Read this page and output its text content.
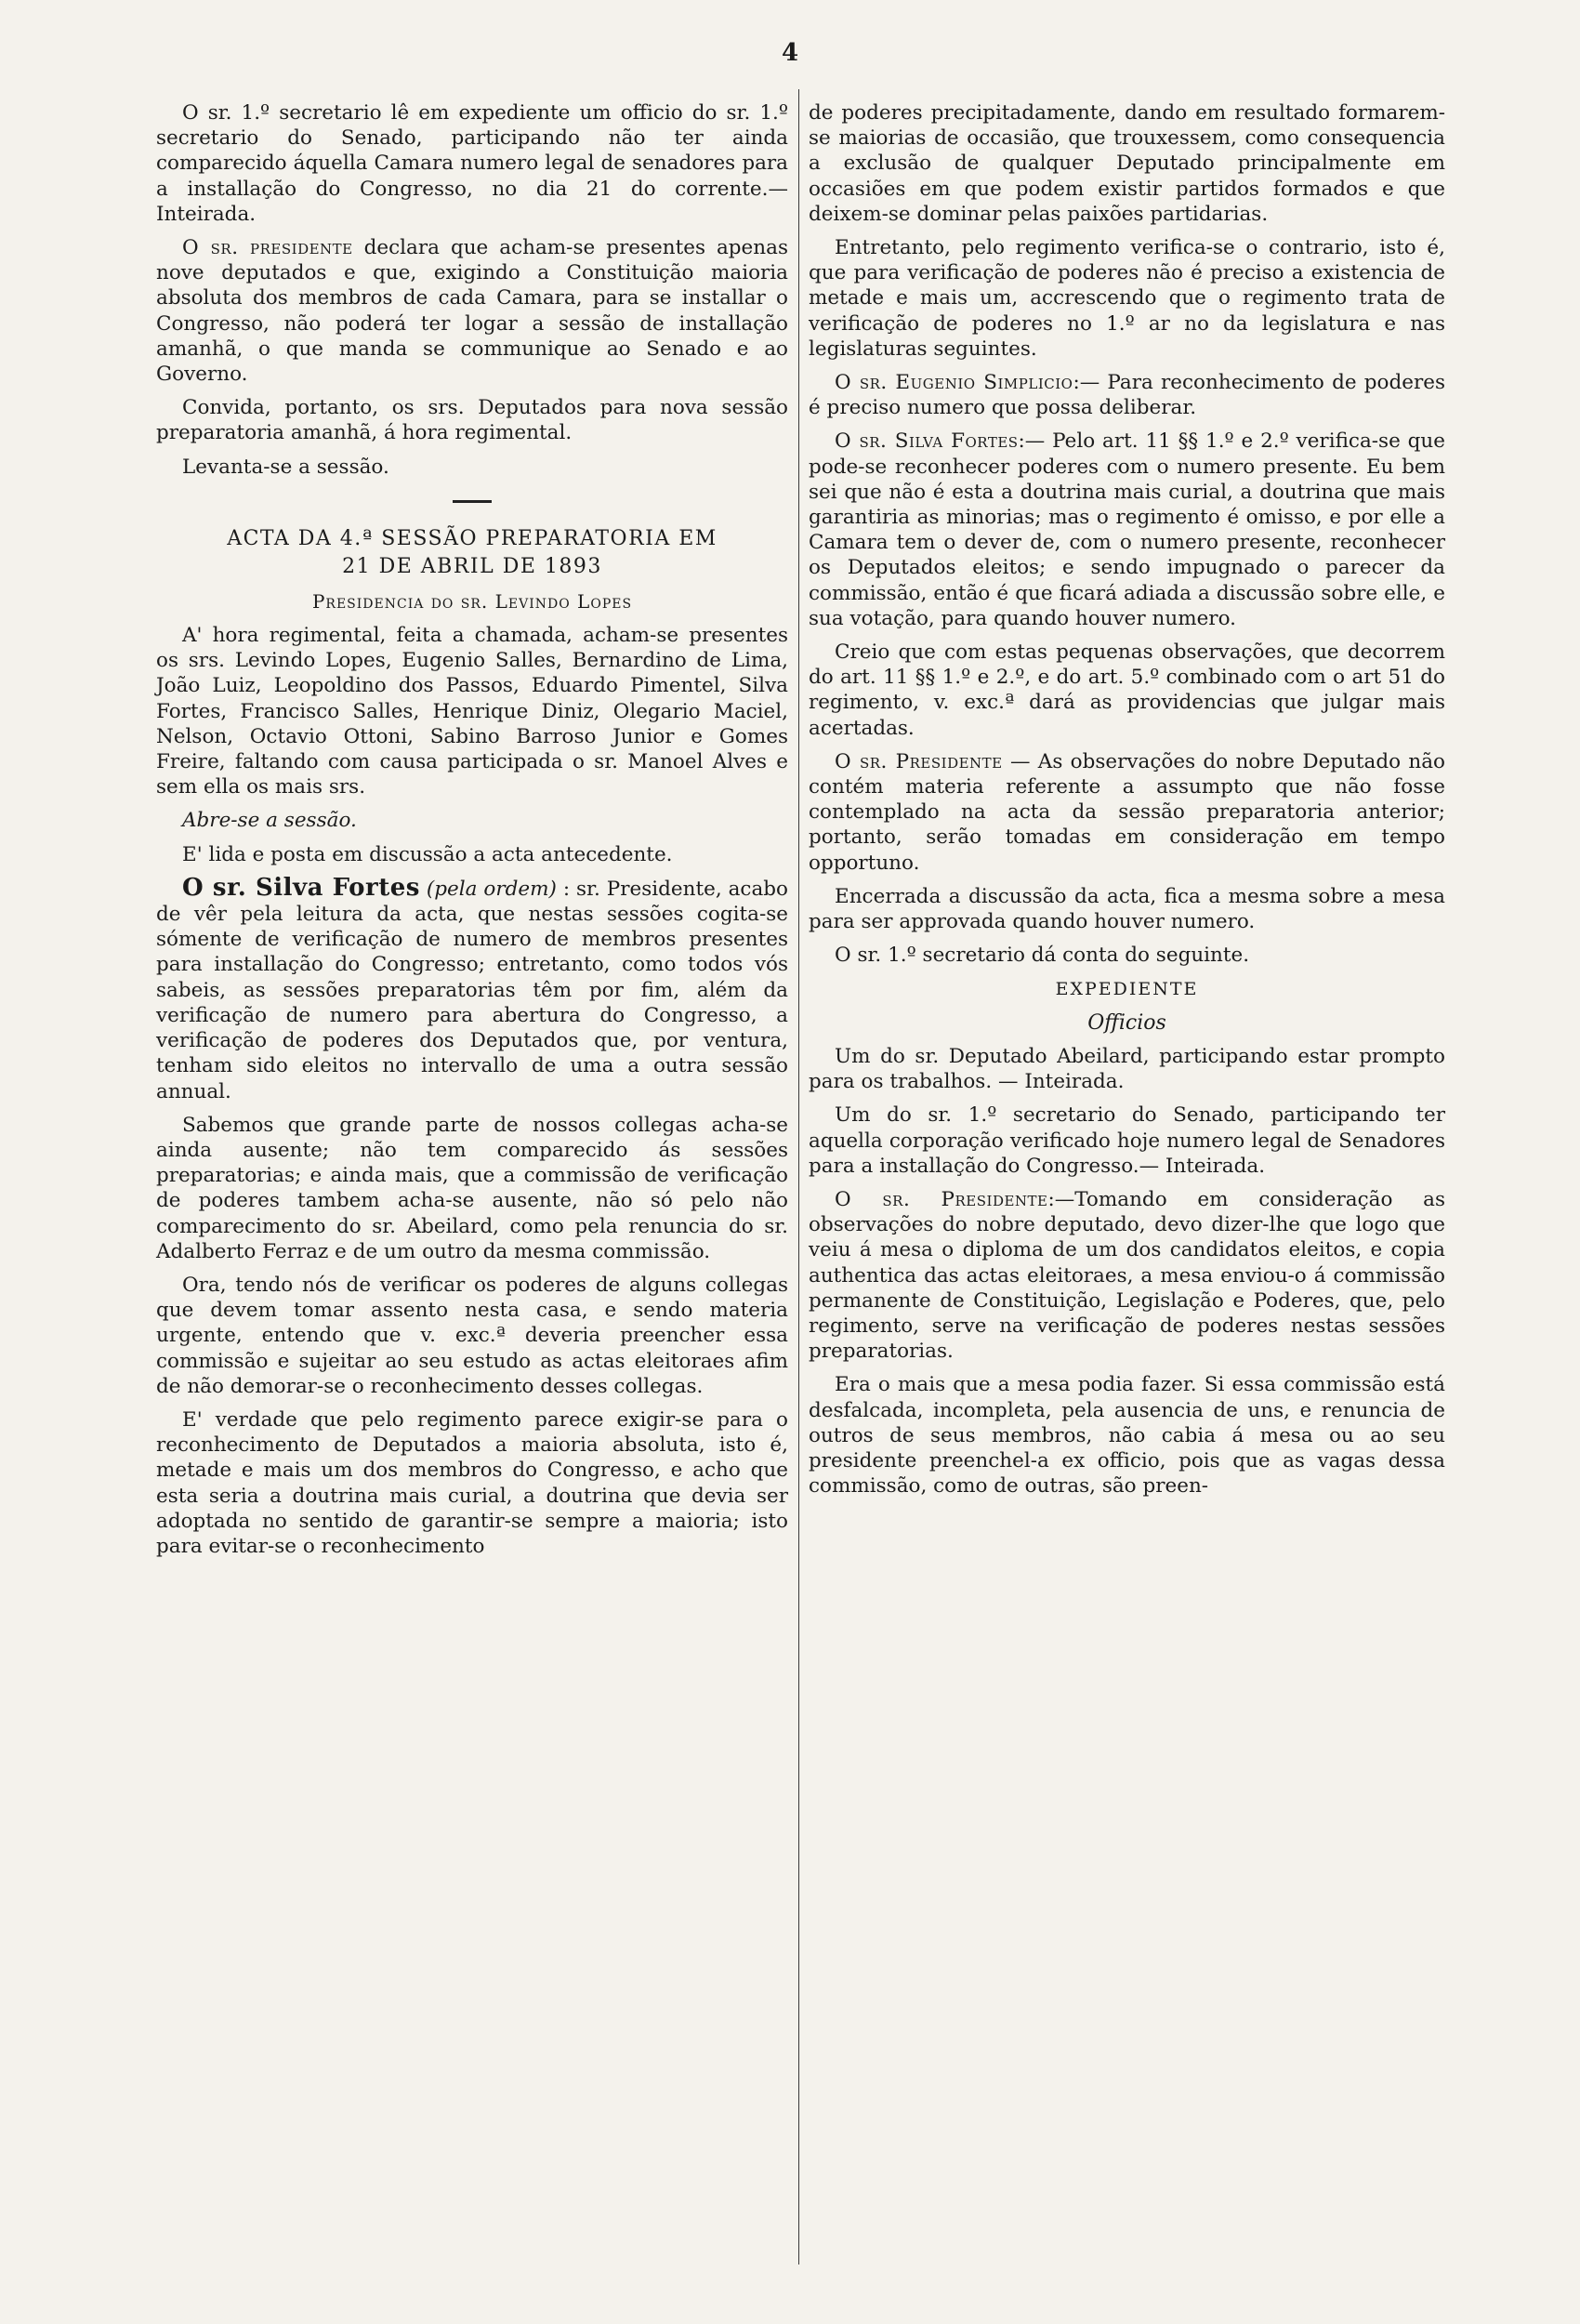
4

O sr. 1.º secretario lê em expediente um officio do sr. 1.º secretario do Senado, participando não ter ainda comparecido áquella Camara numero legal de senadores para a installação do Congresso, no dia 21 do corrente.— Inteirada.

O sr. presidente declara que acham-se presentes apenas nove deputados e que, exigindo a Constituição maioria absoluta dos membros de cada Camara, para se installar o Congresso, não poderá ter logar a sessão de installação amanhã, o que manda se communique ao Senado e ao Governo.

Convida, portanto, os srs. Deputados para nova sessão preparatoria amanhã, á hora regimental.

Levanta-se a sessão.

ACTA DA 4.ª SESSÃO PREPARATORIA EM
21 DE ABRIL DE 1893

Presidencia do sr. Levindo Lopes

A' hora regimental, feita a chamada, acham-se presentes os srs. Levindo Lopes, Eugenio Salles, Bernardino de Lima, João Luiz, Leopoldino dos Passos, Eduardo Pimentel, Silva Fortes, Francisco Salles, Henrique Diniz, Olegario Maciel, Nelson, Octavio Ottoni, Sabino Barroso Junior e Gomes Freire, faltando com causa participada o sr. Manoel Alves e sem ella os mais srs.

Abre-se a sessão.

E' lida e posta em discussão a acta antecedente.

O sr. Silva Fortes (pela ordem) : sr. Presidente, acabo de vêr pela leitura da acta, que nestas sessões cogita-se sómente de verificação de numero de membros presentes para installação do Congresso; entretanto, como todos vós sabeis, as sessões preparatorias têm por fim, além da verificação de numero para abertura do Congresso, a verificação de poderes dos Deputados que, por ventura, tenham sido eleitos no intervallo de uma a outra sessão annual.

Sabemos que grande parte de nossos collegas acha-se ainda ausente; não tem comparecido ás sessões preparatorias; e ainda mais, que a commissão de verificação de poderes tambem acha-se ausente, não só pelo não comparecimento do sr. Abeilard, como pela renuncia do sr. Adalberto Ferraz e de um outro da mesma commissão.

Ora, tendo nós de verificar os poderes de alguns collegas que devem tomar assento nesta casa, e sendo materia urgente, entendo que v. exc.ª deveria preencher essa commissão e sujeitar ao seu estudo as actas eleitoraes afim de não demorar-se o reconhecimento desses collegas.

E' verdade que pelo regimento parece exigir-se para o reconhecimento de Deputados a maioria absoluta, isto é, metade e mais um dos membros do Congresso, e acho que esta seria a doutrina mais curial, a doutrina que devia ser adoptada no sentido de garantir-se sempre a maioria; isto para evitar-se o reconhecimento

de poderes precipitadamente, dando em resultado formarem-se maiorias de occasião, que trouxessem, como consequencia a exclusão de qualquer Deputado principalmente em occasiões em que podem existir partidos formados e que deixem-se dominar pelas paixões partidarias.

Entretanto, pelo regimento verifica-se o contrario, isto é, que para verificação de poderes não é preciso a existencia de metade e mais um, accrescendo que o regimento trata de verificação de poderes no 1.º ar no da legislatura e nas legislaturas seguintes.

O sr. Eugenio Simplicio:— Para reconhecimento de poderes é preciso numero que possa deliberar.

O sr. Silva Fortes:— Pelo art. 11 §§ 1.º e 2.º verifica-se que pode-se reconhecer poderes com o numero presente. Eu bem sei que não é esta a doutrina mais curial, a doutrina que mais garantiria as minorias; mas o regimento é omisso, e por elle a Camara tem o dever de, com o numero presente, reconhecer os Deputados eleitos; e sendo impugnado o parecer da commissão, então é que ficará adiada a discussão sobre elle, e sua votação, para quando houver numero.

Creio que com estas pequenas observações, que decorrem do art. 11 §§ 1.º e 2.º, e do art. 5.º combinado com o art 51 do regimento, v. exc.ª dará as providencias que julgar mais acertadas.

O sr. Presidente — As observações do nobre Deputado não contém materia referente a assumpto que não fosse contemplado na acta da sessão preparatoria anterior; portanto, serão tomadas em consideração em tempo opportuno.

Encerrada a discussão da acta, fica a mesma sobre a mesa para ser approvada quando houver numero.

O sr. 1.º secretario dá conta do seguinte.

EXPEDIENTE

Officios

Um do sr. Deputado Abeilard, participando estar prompto para os trabalhos. — Inteirada.

Um do sr. 1.º secretario do Senado, participando ter aquella corporação verificado hoje numero legal de Senadores para a installação do Congresso.— Inteirada.

O sr. Presidente:—Tomando em consideração as observações do nobre deputado, devo dizer-lhe que logo que veiu á mesa o diploma de um dos candidatos eleitos, e copia authentica das actas eleitoraes, a mesa enviou-o á commissão permanente de Constituição, Legislação e Poderes, que, pelo regimento, serve na verificação de poderes nestas sessões preparatorias.

Era o mais que a mesa podia fazer. Si essa commissão está desfalcada, incompleta, pela ausencia de uns, e renuncia de outros de seus membros, não cabia á mesa ou ao seu presidente preenchel-a ex officio, pois que as vagas dessa commissão, como de outras, são preen-
